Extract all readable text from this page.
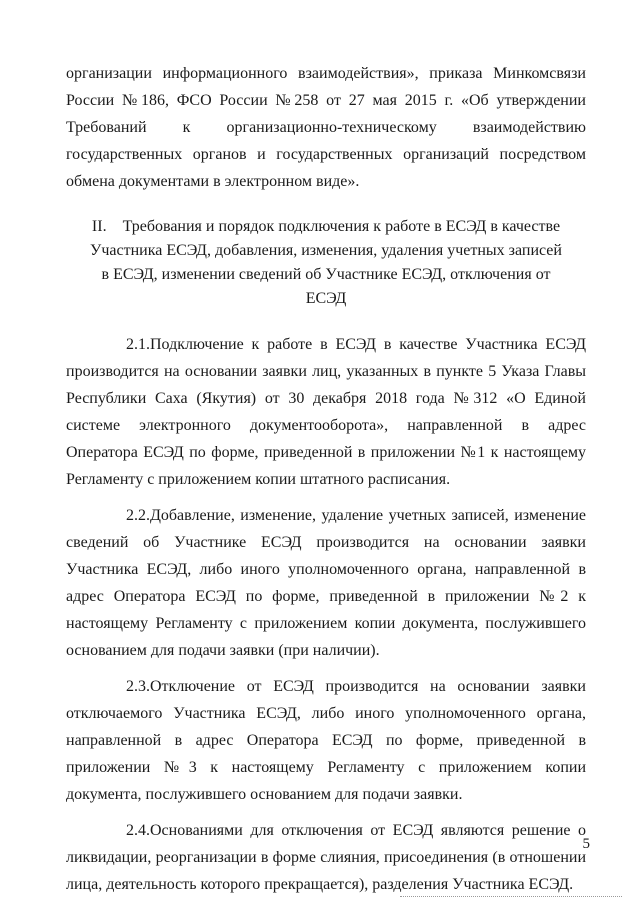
организации информационного взаимодействия», приказа Минкомсвязи России №186, ФСО России №258 от 27 мая 2015 г. «Об утверждении Требований к организационно-техническому взаимодействию государственных органов и государственных организаций посредством обмена документами в электронном виде».

II. Требования и порядок подключения к работе в ЕСЭД в качестве Участника ЕСЭД, добавления, изменения, удаления учетных записей в ЕСЭД, изменении сведений об Участнике ЕСЭД, отключения от ЕСЭД

2.1.Подключение к работе в ЕСЭД в качестве Участника ЕСЭД производится на основании заявки лиц, указанных в пункте 5 Указа Главы Республики Саха (Якутия) от 30 декабря 2018 года №312 «О Единой системе электронного документооборота», направленной в адрес Оператора ЕСЭД по форме, приведенной в приложении №1 к настоящему Регламенту с приложением копии штатного расписания.

2.2.Добавление, изменение, удаление учетных записей, изменение сведений об Участнике ЕСЭД производится на основании заявки Участника ЕСЭД, либо иного уполномоченного органа, направленной в адрес Оператора ЕСЭД по форме, приведенной в приложении №2 к настоящему Регламенту с приложением копии документа, послужившего основанием для подачи заявки (при наличии).

2.3.Отключение от ЕСЭД производится на основании заявки отключаемого Участника ЕСЭД, либо иного уполномоченного органа, направленной в адрес Оператора ЕСЭД по форме, приведенной в приложении №3 к настоящему Регламенту с приложением копии документа, послужившего основанием для подачи заявки.

2.4.Основаниями для отключения от ЕСЭД являются решение о ликвидации, реорганизации в форме слияния, присоединения (в отношении лица, деятельность которого прекращается), разделения Участника ЕСЭД.

5
